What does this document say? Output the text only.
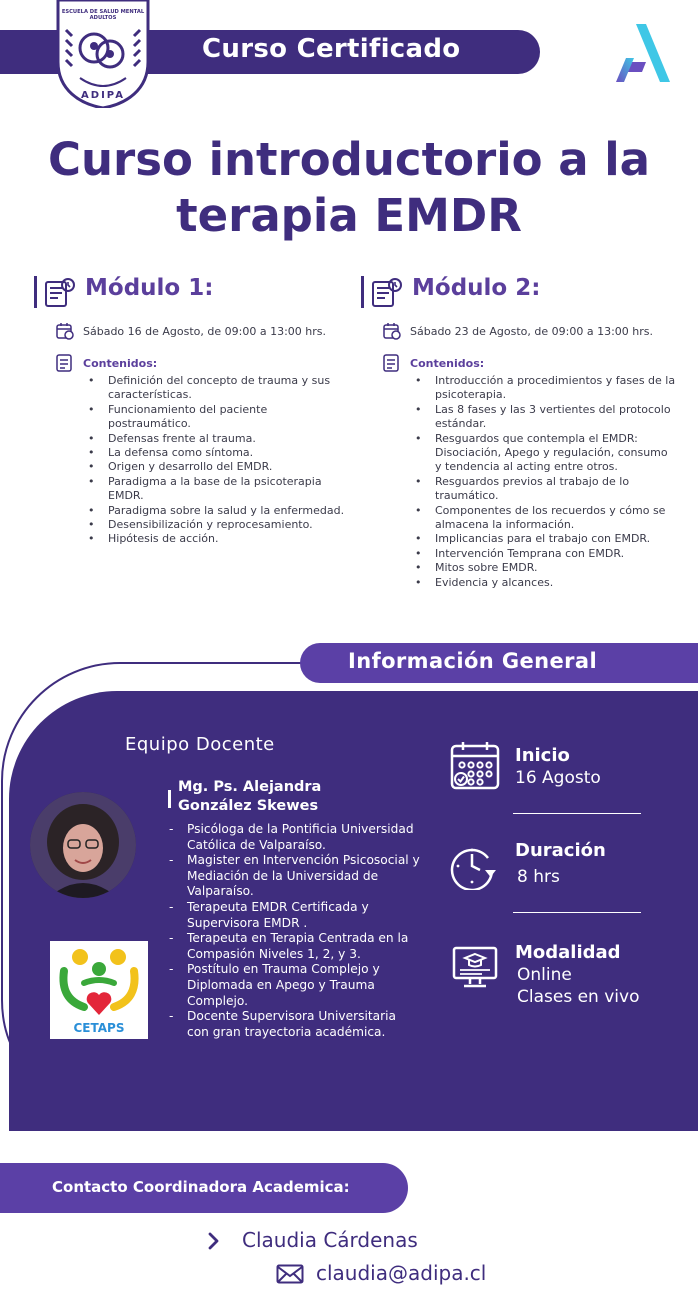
Curso Certificado
ESCUELA DE SALUD MENTAL
ADULTOS
ADIPA
Curso introductorio a la
terapia EMDR
Módulo 1:
Sábado 16 de Agosto, de 09:00 a 13:00 hrs.
Contenidos:
• Definición del concepto de trauma y sus características.
• Funcionamiento del paciente postraumático.
• Defensas frente al trauma.
• La defensa como síntoma.
• Origen y desarrollo del EMDR.
• Paradigma a la base de la psicoterapia EMDR.
• Paradigma sobre la salud y la enfermedad.
• Desensibilización y reprocesamiento.
• Hipótesis de acción.
Módulo 2:
Sábado 23 de Agosto, de 09:00 a 13:00 hrs.
Contenidos:
• Introducción a procedimientos y fases de la psicoterapia.
• Las 8 fases y las 3 vertientes del protocolo estándar.
• Resguardos que contempla el EMDR: Disociación, Apego y regulación, consumo y tendencia al acting entre otros.
• Resguardos previos al trabajo de lo traumático.
• Componentes de los recuerdos y cómo se almacena la información.
• Implicancias para el trabajo con EMDR.
• Intervención Temprana con EMDR.
• Mitos sobre EMDR.
• Evidencia y alcances.
Información General
Equipo Docente
CETAPS
Mg. Ps. Alejandra González Skewes
- Psicóloga de la Pontificia Universidad Católica de Valparaíso.
- Magister en Intervención Psicosocial y Mediación de la Universidad de Valparaíso.
- Terapeuta EMDR Certificada y Supervisora EMDR .
- Terapeuta en Terapia Centrada en la Compasión Niveles 1, 2, y 3.
- Postítulo en Trauma Complejo y Diplomada en Apego y Trauma Complejo.
- Docente Supervisora Universitaria con gran trayectoria académica.
Inicio
16 Agosto
Duración
8 hrs
Modalidad
Online
Clases en vivo
Contacto Coordinadora Academica:
Claudia Cárdenas
claudia@adipa.cl
